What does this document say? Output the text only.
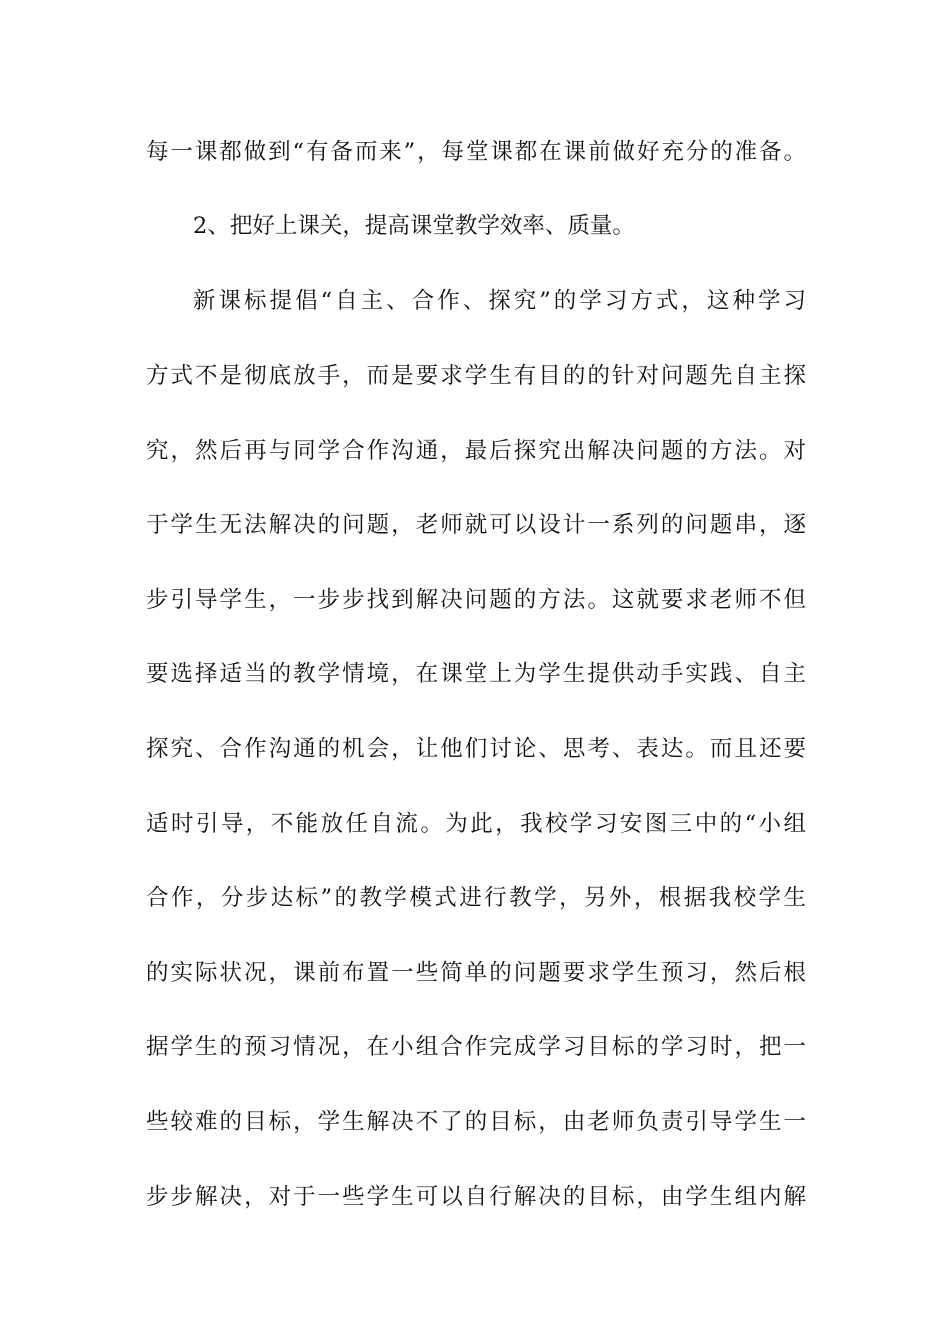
每一课都做到“有备而来”，每堂课都在课前做好充分的准备。
2、把好上课关，提高课堂教学效率、质量。
新课标提倡“自主、合作、探究”的学习方式，这种学习
方式不是彻底放手，而是要求学生有目的的针对问题先自主探
究，然后再与同学合作沟通，最后探究出解决问题的方法。对
于学生无法解决的问题，老师就可以设计一系列的问题串，逐
步引导学生，一步步找到解决问题的方法。这就要求老师不但
要选择适当的教学情境，在课堂上为学生提供动手实践、自主
探究、合作沟通的机会，让他们讨论、思考、表达。而且还要
适时引导，不能放任自流。为此，我校学习安图三中的“小组
合作，分步达标”的教学模式进行教学，另外，根据我校学生
的实际状况，课前布置一些简单的问题要求学生预习，然后根
据学生的预习情况，在小组合作完成学习目标的学习时，把一
些较难的目标，学生解决不了的目标，由老师负责引导学生一
步步解决，对于一些学生可以自行解决的目标，由学生组内解
